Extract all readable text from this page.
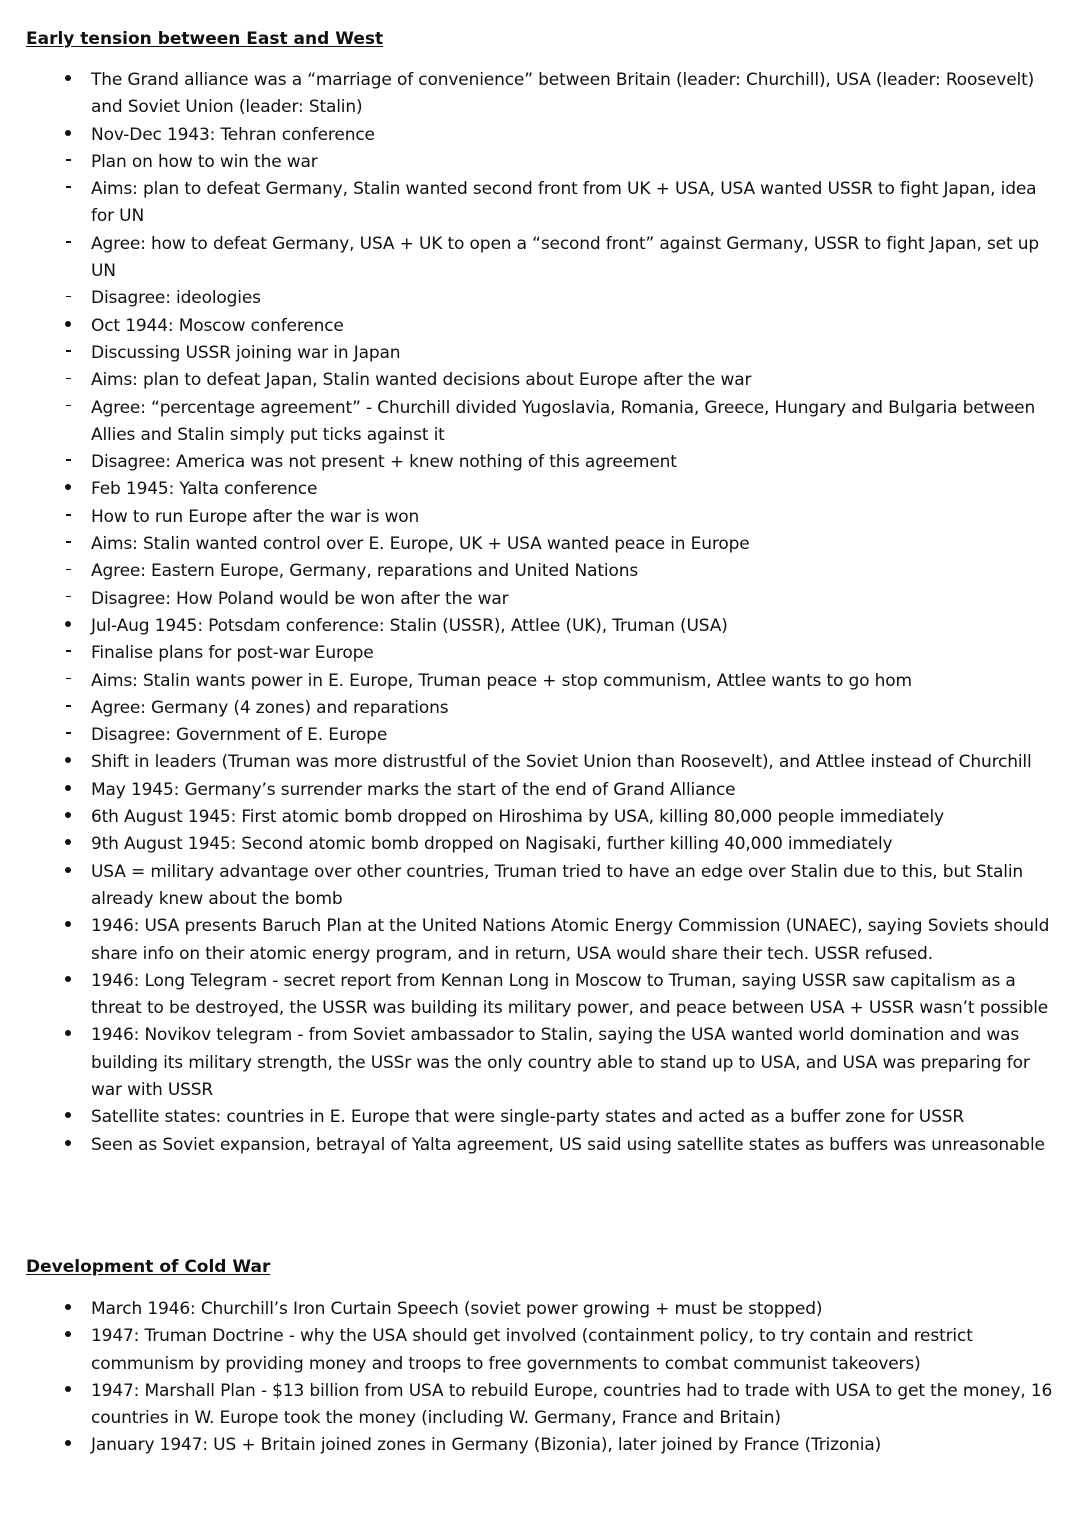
Early tension between East and West
The Grand alliance was a “marriage of convenience” between Britain (leader: Churchill), USA (leader: Roosevelt) and Soviet Union (leader: Stalin)
Nov-Dec 1943: Tehran conference
Plan on how to win the war
Aims: plan to defeat Germany, Stalin wanted second front from UK + USA, USA wanted USSR to fight Japan, idea for UN
Agree: how to defeat Germany, USA + UK to open a “second front” against Germany, USSR to fight Japan, set up UN
Disagree: ideologies
Oct 1944: Moscow conference
Discussing USSR joining war in Japan
Aims: plan to defeat Japan, Stalin wanted decisions about Europe after the war
Agree: “percentage agreement” - Churchill divided Yugoslavia, Romania, Greece, Hungary and Bulgaria between Allies and Stalin simply put ticks against it
Disagree: America was not present + knew nothing of this agreement
Feb 1945: Yalta conference
How to run Europe after the war is won
Aims: Stalin wanted control over E. Europe, UK + USA wanted peace in Europe
Agree: Eastern Europe, Germany, reparations and United Nations
Disagree: How Poland would be won after the war
Jul-Aug 1945: Potsdam conference: Stalin (USSR), Attlee (UK), Truman (USA)
Finalise plans for post-war Europe
Aims: Stalin wants power in E. Europe, Truman peace + stop communism, Attlee wants to go hom
Agree: Germany (4 zones) and reparations
Disagree: Government of E. Europe
Shift in leaders (Truman was more distrustful of the Soviet Union than Roosevelt), and Attlee instead of Churchill
May 1945: Germany’s surrender marks the start of the end of Grand Alliance
6th August 1945: First atomic bomb dropped on Hiroshima by USA, killing 80,000 people immediately
9th August 1945: Second atomic bomb dropped on Nagisaki, further killing 40,000 immediately
USA = military advantage over other countries, Truman tried to have an edge over Stalin due to this, but Stalin already knew about the bomb
1946: USA presents Baruch Plan at the United Nations Atomic Energy Commission (UNAEC), saying Soviets should share info on their atomic energy program, and in return, USA would share their tech. USSR refused.
1946: Long Telegram - secret report from Kennan Long in Moscow to Truman, saying USSR saw capitalism as a threat to be destroyed, the USSR was building its military power, and peace between USA + USSR wasn’t possible
1946: Novikov telegram - from Soviet ambassador to Stalin, saying the USA wanted world domination and was building its military strength, the USSr was the only country able to stand up to USA, and USA was preparing for war with USSR
Satellite states: countries in E. Europe that were single-party states and acted as a buffer zone for USSR
Seen as Soviet expansion, betrayal of Yalta agreement, US said using satellite states as buffers was unreasonable
Development of Cold War
March 1946: Churchill’s Iron Curtain Speech (soviet power growing + must be stopped)
1947: Truman Doctrine - why the USA should get involved (containment policy, to try contain and restrict communism by providing money and troops to free governments to combat communist takeovers)
1947: Marshall Plan - $13 billion from USA to rebuild Europe, countries had to trade with USA to get the money, 16 countries in W. Europe took the money (including W. Germany, France and Britain)
January 1947: US + Britain joined zones in Germany (Bizonia), later joined by France (Trizonia)
